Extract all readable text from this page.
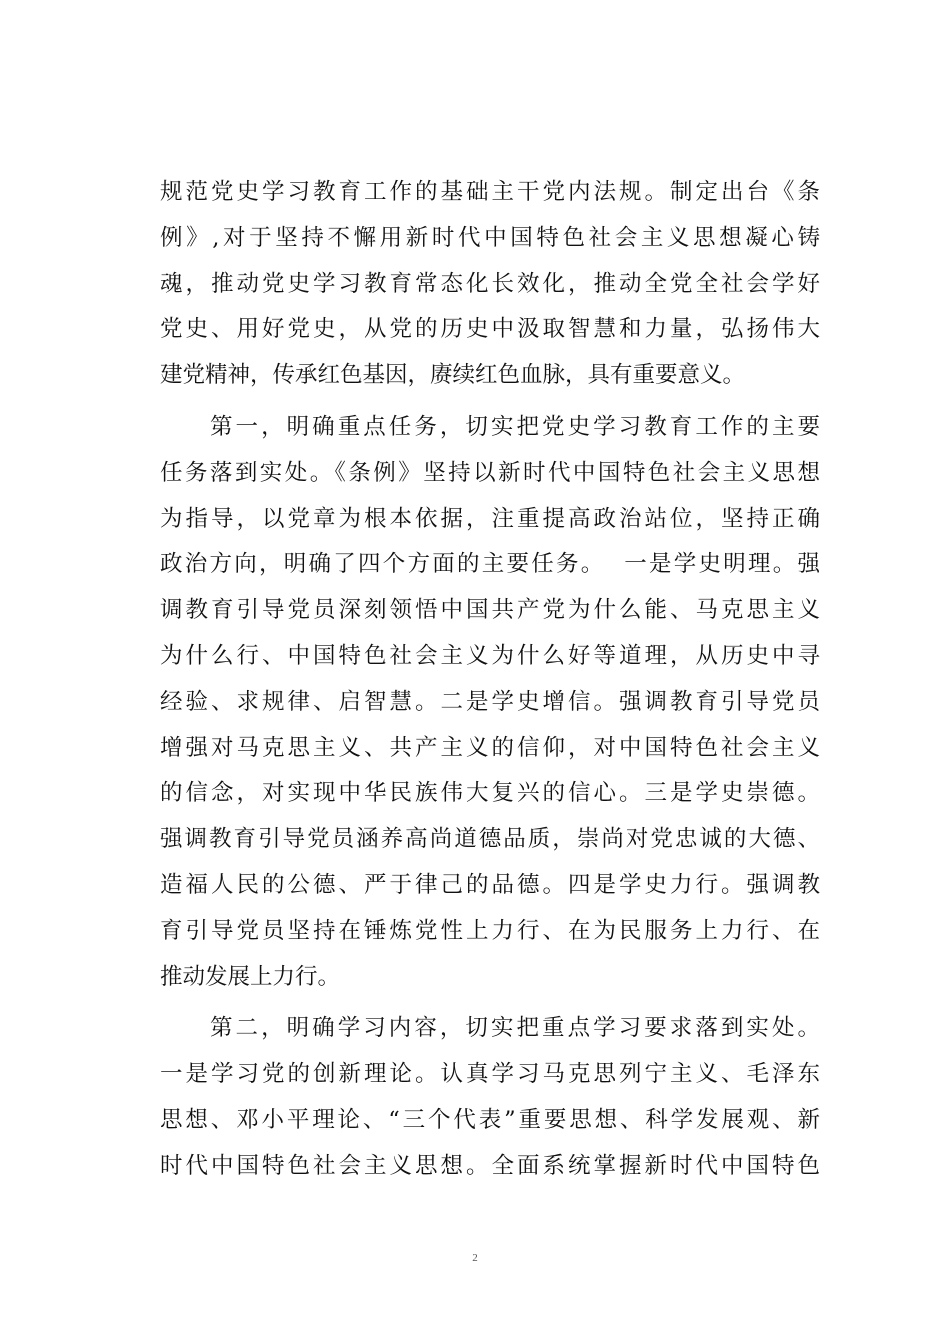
规范党史学习教育工作的基础主干党内法规。制定出台《条
例》,对于坚持不懈用新时代中国特色社会主义思想凝心铸
魂，推动党史学习教育常态化长效化，推动全党全社会学好
党史、用好党史，从党的历史中汲取智慧和力量，弘扬伟大
建党精神，传承红色基因，赓续红色血脉，具有重要意义。
第一，明确重点任务，切实把党史学习教育工作的主要
任务落到实处。《条例》坚持以新时代中国特色社会主义思想
为指导，以党章为根本依据，注重提高政治站位，坚持正确
政治方向，明确了四个方面的主要任务。  一是学史明理。强
调教育引导党员深刻领悟中国共产党为什么能、马克思主义
为什么行、中国特色社会主义为什么好等道理，从历史中寻
经验、求规律、启智慧。二是学史增信。强调教育引导党员
增强对马克思主义、共产主义的信仰，对中国特色社会主义
的信念，对实现中华民族伟大复兴的信心。三是学史崇德。
强调教育引导党员涵养高尚道德品质，崇尚对党忠诚的大德、
造福人民的公德、严于律己的品德。四是学史力行。强调教
育引导党员坚持在锤炼党性上力行、在为民服务上力行、在
推动发展上力行。
第二，明确学习内容，切实把重点学习要求落到实处。
一是学习党的创新理论。认真学习马克思列宁主义、毛泽东
思想、邓小平理论、“三个代表”重要思想、科学发展观、新
时代中国特色社会主义思想。全面系统掌握新时代中国特色
2
